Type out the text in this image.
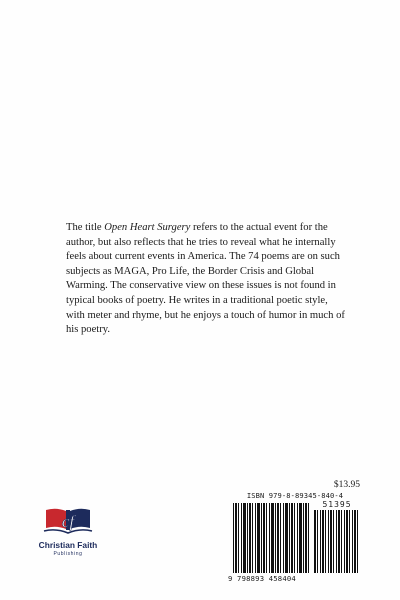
The title Open Heart Surgery refers to the actual event for the author, but also reflects that he tries to reveal what he internally feels about current events in America. The 74 poems are on such subjects as MAGA, Pro Life, the Border Crisis and Global Warming. The conservative view on these issues is not found in typical books of poetry. He writes in a traditional poetic style, with meter and rhyme, but he enjoys a touch of humor in much of his poetry.

$13.95
ISBN 979-8-89345-840-4
51395
9 798893 458404
cf
Christian Faith
Publishing
